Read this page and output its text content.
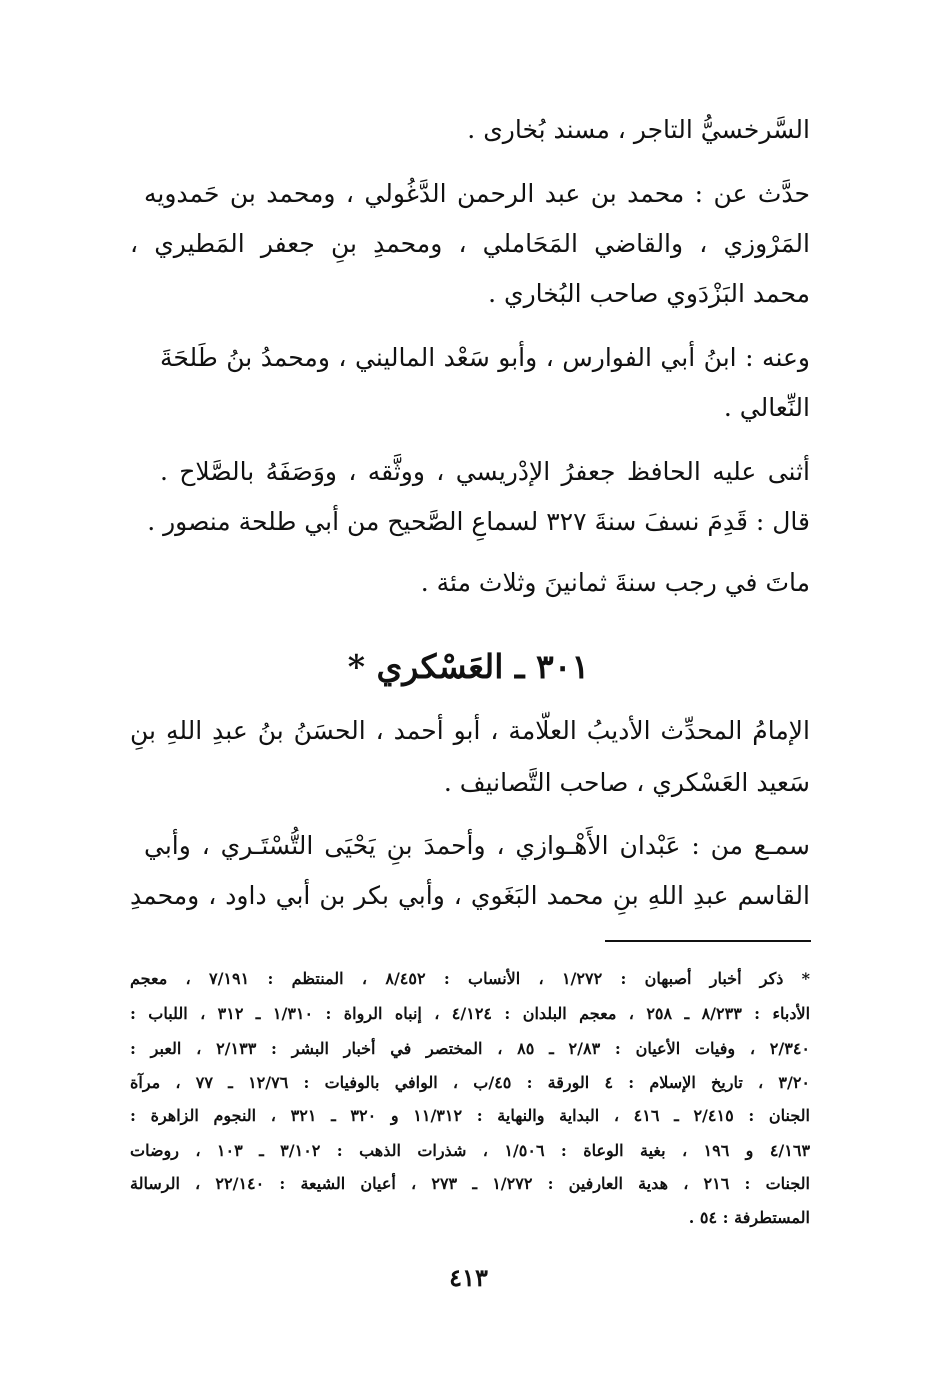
السَّرخسيُّ التاجر ، مسند بُخارى .
حدَّث عن : محمد بن عبد الرحمن الدَّغُولي ، ومحمد بن حَمدويه
المَرْوزي ، والقاضي المَحَاملي ، ومحمدِ بنِ جعفر المَطيري ،
محمد البَزْدَوي صاحب البُخاري .
وعنه : ابنُ أبي الفوارس ، وأبو سَعْد الماليني ، ومحمدُ بنُ طَلحَةَ
النِّعالي .
أثنى عليه الحافظ جعفرُ الإدْريسي ، ووثَّقه ، ووَصَفَهُ بالصَّلاح .
قال : قَدِمَ نسفَ سنةَ ٣٢٧ لسماعِ الصَّحيح من أبي طلحة منصور .
ماتَ في رجب سنةَ ثمانينَ وثلاث مئة .
٣٠١ ـ العَسْكري *
الإمامُ المحدِّث الأديبُ العلَّامة ، أبو أحمد ، الحسَنُ بنُ عبدِ اللهِ بنِ
سَعيد العَسْكري ، صاحب التَّصانيف .
سمـع من : عَبْدان الأَهْـوازي ، وأحمدَ بنِ يَحْيَى التُّسْتَـري ، وأبي
القاسم عبدِ اللهِ بنِ محمد البَغَوي ، وأبي بكر بن أبي داود ، ومحمدِ
* ذكر أخبار أصبهان : ١/٢٧٢ ، الأنساب : ٨/٤٥٢ ، المنتظم : ٧/١٩١ ، معجم
الأدباء : ٨/٢٣٣ ـ ٢٥٨ ، معجم البلدان : ٤/١٢٤ ، إنباه الرواة : ١/٣١٠ ـ ٣١٢ ، اللباب :
٢/٣٤٠ ، وفيات الأعيان : ٢/٨٣ ـ ٨٥ ، المختصر في أخبار البشر : ٢/١٣٣ ، العبر :
٣/٢٠ ، تاريخ الإسلام : ٤ الورقة : ٤٥/ب ، الوافي بالوفيات : ١٢/٧٦ ـ ٧٧ ، مرآة
الجنان : ٢/٤١٥ ـ ٤١٦ ، البداية والنهاية : ١١/٣١٢ و ٣٢٠ ـ ٣٢١ ، النجوم الزاهرة :
٤/١٦٣ و ١٩٦ ، بغية الوعاة : ١/٥٠٦ ، شذرات الذهب : ٣/١٠٢ ـ ١٠٣ ، روضات
الجنات : ٢١٦ ، هدية العارفين : ١/٢٧٢ ـ ٢٧٣ ، أعيان الشيعة : ٢٢/١٤٠ ، الرسالة
المستطرفة : ٥٤ .
٤١٣
